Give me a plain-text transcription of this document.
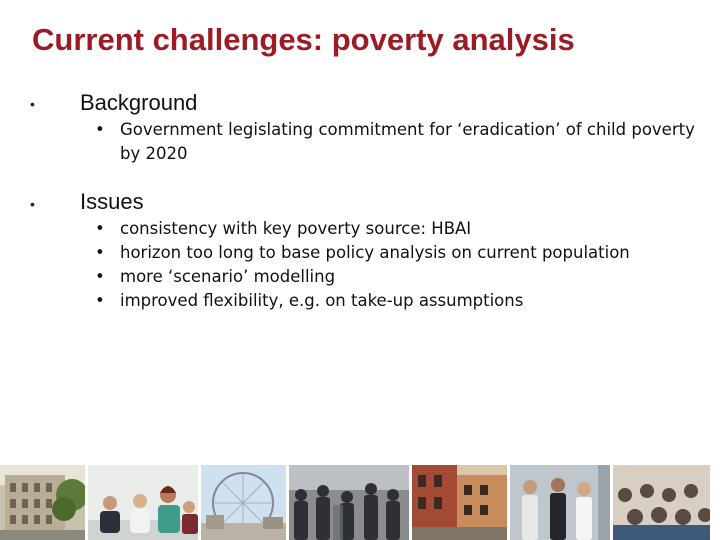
Current challenges: poverty analysis
• Background
• Government legislating commitment for ‘eradication’ of child poverty by 2020
• Issues
• consistency with key poverty source: HBAI
• horizon too long to base policy analysis on current population
• more ‘scenario’ modelling
• improved flexibility, e.g. on take-up assumptions
